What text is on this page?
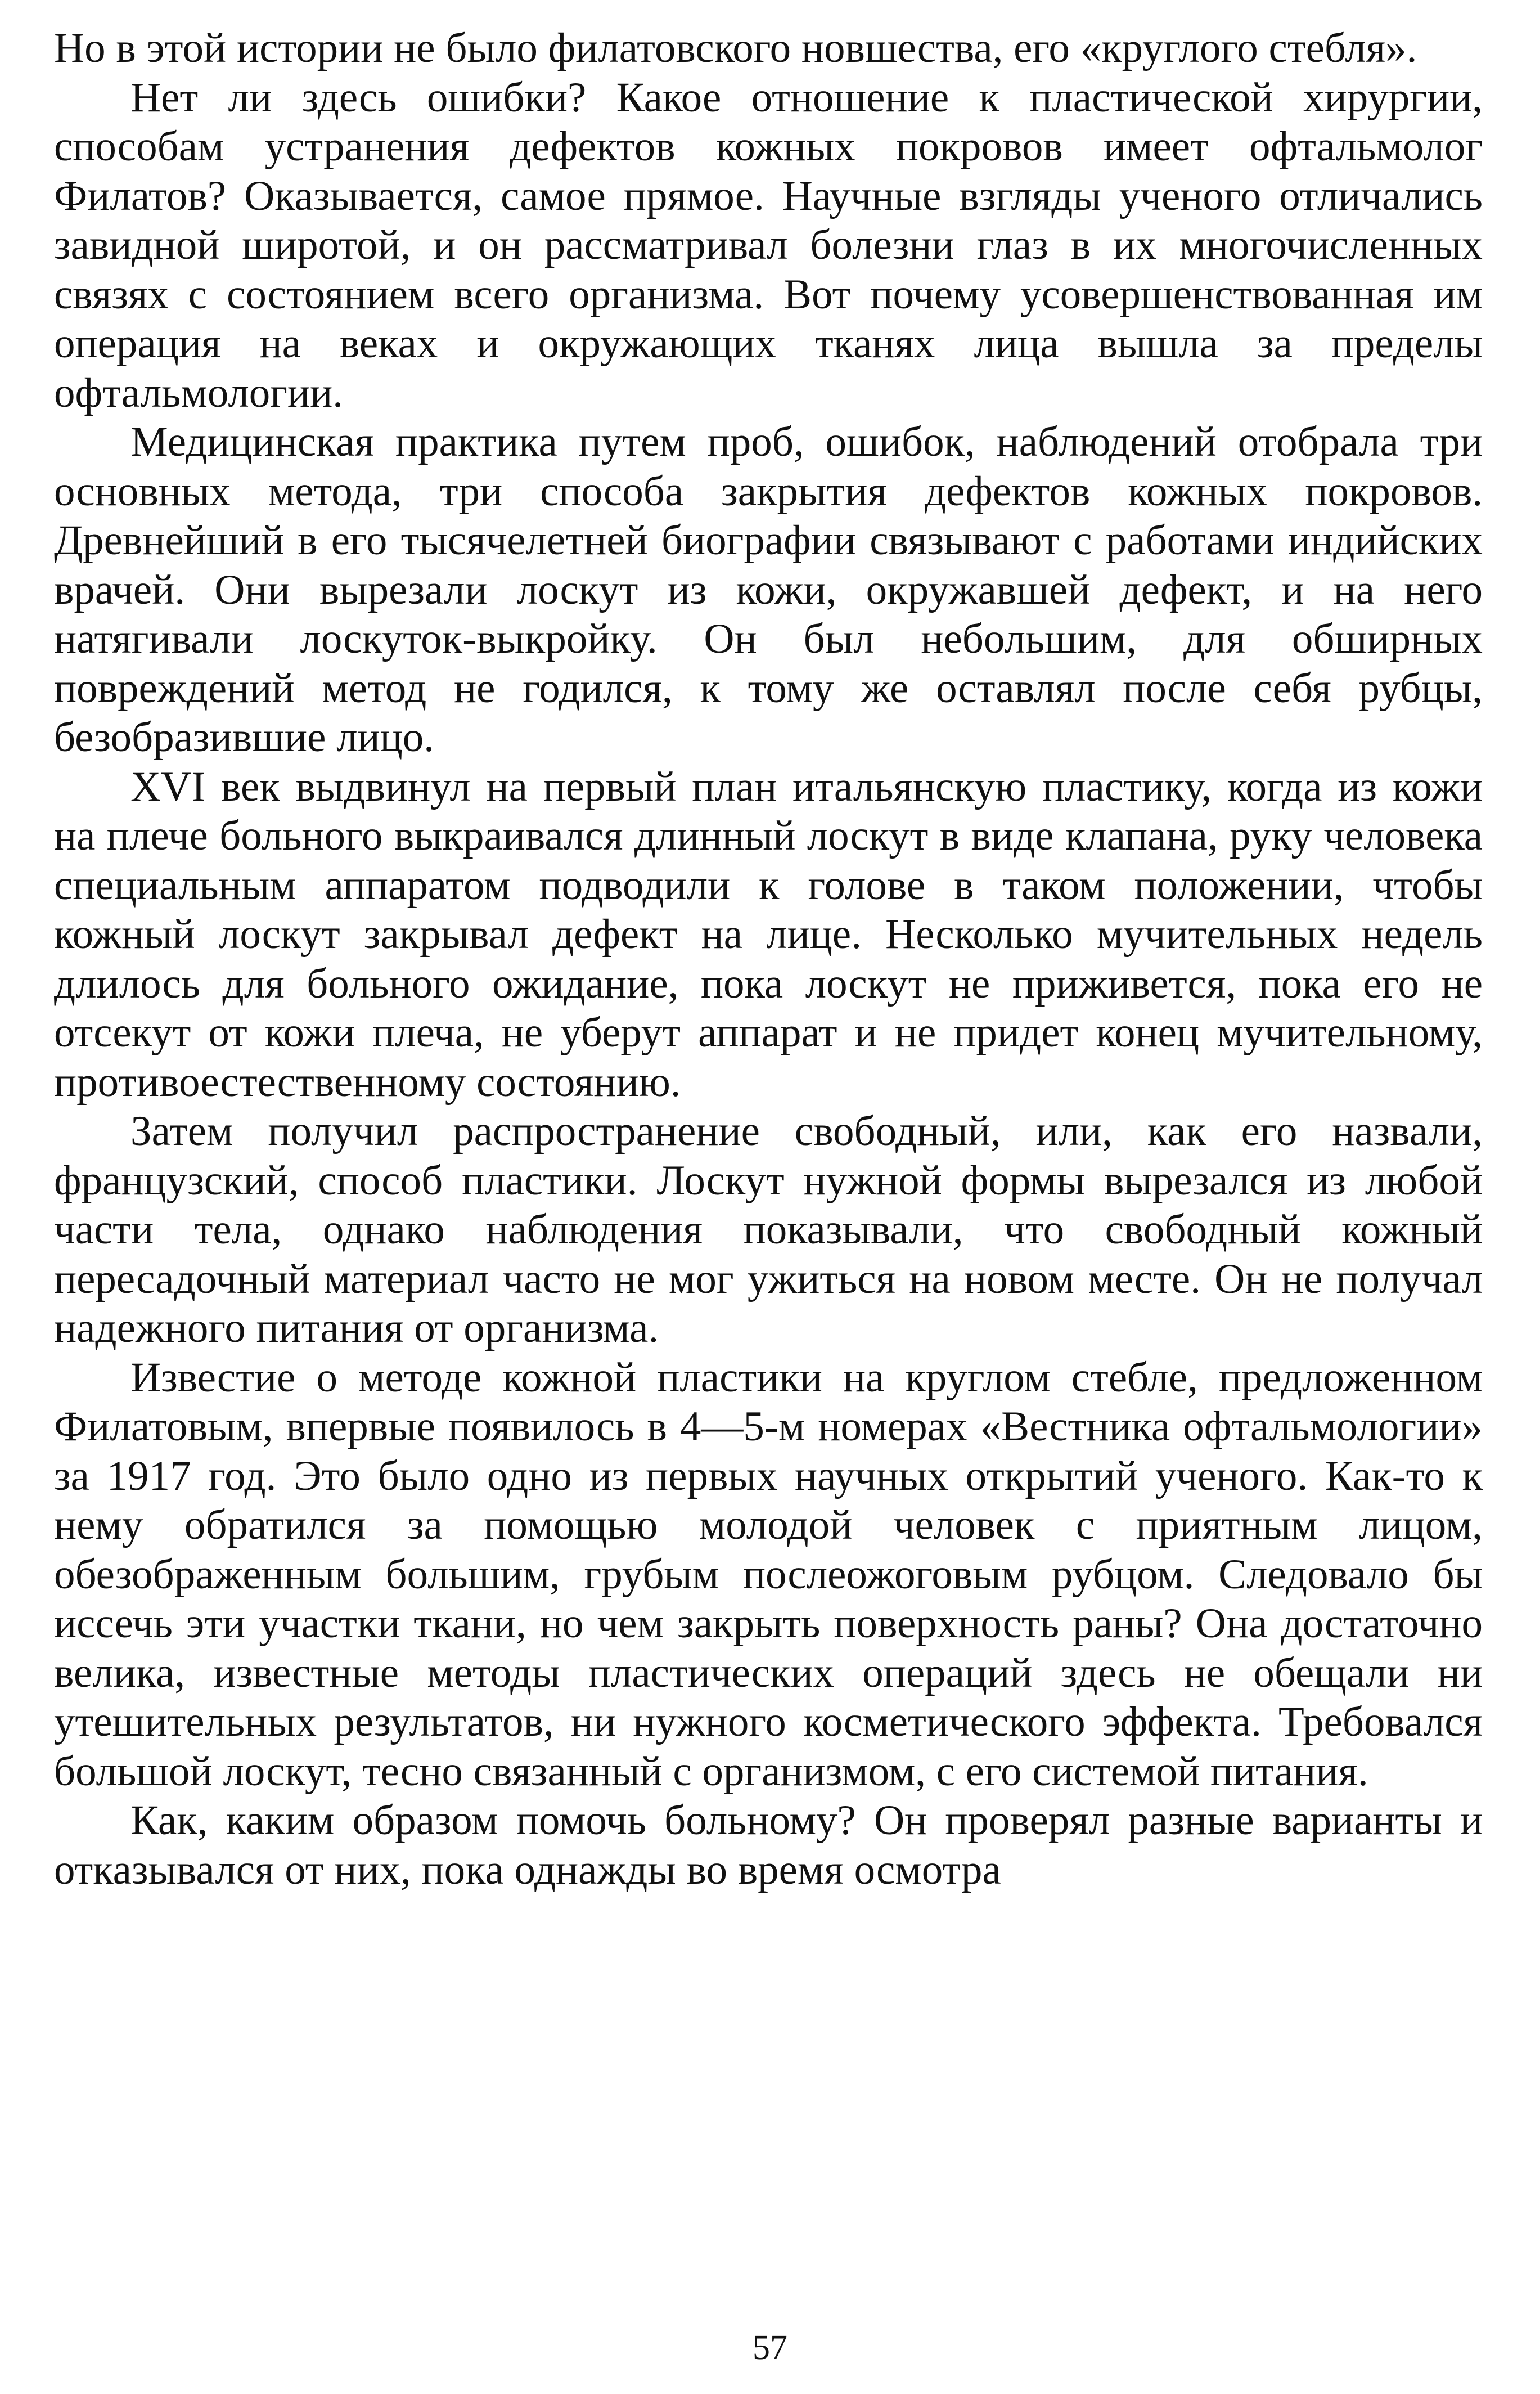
Но в этой истории не было филатовского новшества, его «круглого стебля».

Нет ли здесь ошибки? Какое отношение к пластической хирургии, способам устранения дефектов кожных покровов имеет офтальмолог Филатов? Оказывается, самое прямое. Научные взгляды ученого отличались завидной широтой, и он рассматривал болезни глаз в их многочисленных связях с состоянием всего организма. Вот почему усовершенствованная им операция на веках и окружающих тканях лица вышла за пределы офтальмологии.

Медицинская практика путем проб, ошибок, наблюдений отобрала три основных метода, три способа закрытия дефектов кожных покровов. Древнейший в его тысячелетней биографии связывают с работами индийских врачей. Они вырезали лоскут из кожи, окружавшей дефект, и на него натягивали лоскуток-выкройку. Он был небольшим, для обширных повреждений метод не годился, к тому же оставлял после себя рубцы, безобразившие лицо.

XVI век выдвинул на первый план итальянскую пластику, когда из кожи на плече больного выкраивался длинный лоскут в виде клапана, руку человека специальным аппаратом подводили к голове в таком положении, чтобы кожный лоскут закрывал дефект на лице. Несколько мучительных недель длилось для больного ожидание, пока лоскут не приживется, пока его не отсекут от кожи плеча, не уберут аппарат и не придет конец мучительному, противоестественному состоянию.

Затем получил распространение свободный, или, как его назвали, французский, способ пластики. Лоскут нужной формы вырезался из любой части тела, однако наблюдения показывали, что свободный кожный пересадочный материал часто не мог ужиться на новом месте. Он не получал надежного питания от организма.

Известие о методе кожной пластики на круглом стебле, предложенном Филатовым, впервые появилось в 4—5-м номерах «Вестника офтальмологии» за 1917 год. Это было одно из первых научных открытий ученого. Как-то к нему обратился за помощью молодой человек с приятным лицом, обезображенным большим, грубым послеожоговым рубцом. Следовало бы иссечь эти участки ткани, но чем закрыть поверхность раны? Она достаточно велика, известные методы пластических операций здесь не обещали ни утешительных результатов, ни нужного косметического эффекта. Требовался большой лоскут, тесно связанный с организмом, с его системой питания.

Как, каким образом помочь больному? Он проверял разные варианты и отказывался от них, пока однажды во время осмотра

57
